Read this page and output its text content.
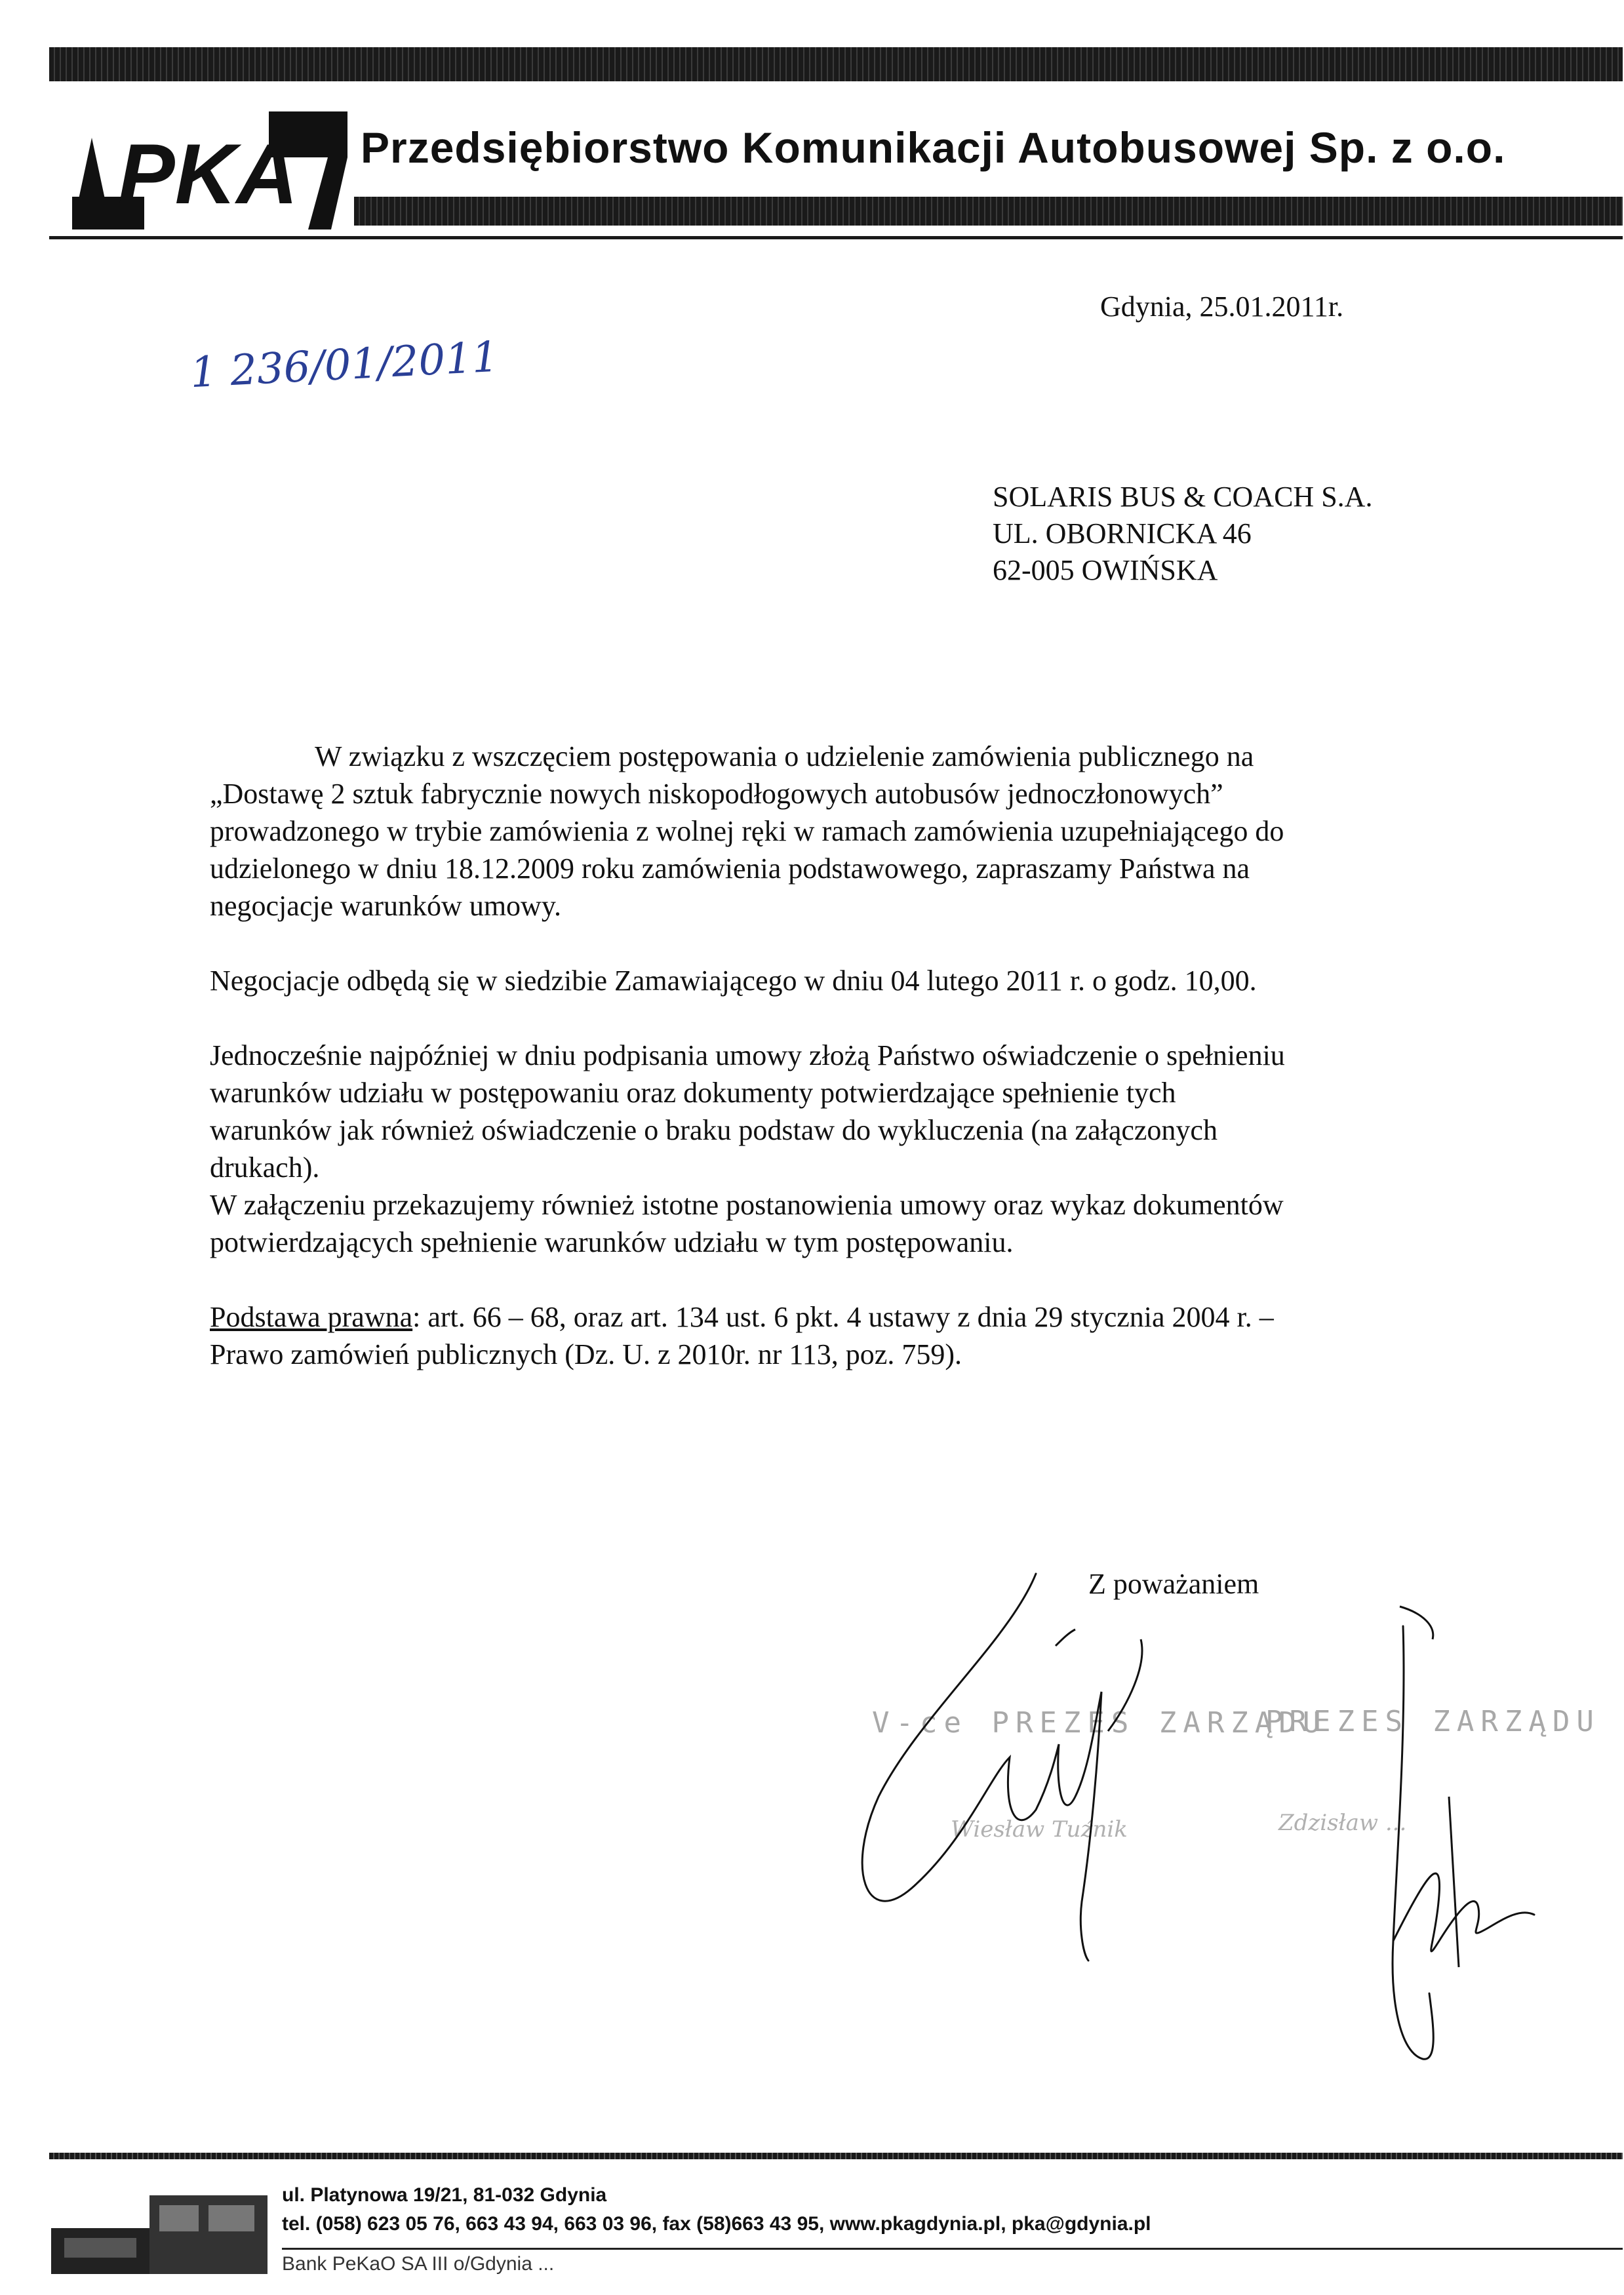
PKA Przedsiębiorstwo Komunikacji Autobusowej Sp. z o.o.
Gdynia, 25.01.2011r.
1 236/01/2011
SOLARIS BUS & COACH S.A.
UL. OBORNICKA 46
62-005 OWIŃSKA
W związku z wszczęciem postępowania o udzielenie zamówienia publicznego na
„Dostawę 2 sztuk fabrycznie nowych niskopodłogowych autobusów jednoczłonowych”
prowadzonego w trybie zamówienia z wolnej ręki w ramach zamówienia uzupełniającego do
udzielonego w dniu 18.12.2009 roku zamówienia podstawowego, zapraszamy Państwa na
negocjacje warunków umowy.
Negocjacje odbędą się w siedzibie Zamawiającego w dniu 04 lutego 2011 r. o godz. 10,00.
Jednocześnie najpóźniej w dniu podpisania umowy złożą Państwo oświadczenie o spełnieniu
warunków udziału w postępowaniu oraz dokumenty potwierdzające spełnienie tych
warunków jak również oświadczenie o braku podstaw do wykluczenia (na załączonych
drukach).
W załączeniu przekazujemy również istotne postanowienia umowy oraz wykaz dokumentów
potwierdzających spełnienie warunków udziału w tym postępowaniu.
Podstawa prawna: art. 66 – 68, oraz art. 134 ust. 6 pkt. 4 ustawy z dnia 29 stycznia 2004 r. –
Prawo zamówień publicznych (Dz. U. z 2010r. nr 113, poz. 759).
Z poważaniem
V-ce PREZES ZARZĄDU
Wiesław Tuźnik
PREZES ZARZĄDU
Zdzisław ...
ul. Platynowa 19/21, 81-032 Gdynia
tel. (058) 623 05 76, 663 43 94, 663 03 96, fax (58)663 43 95, www.pkagdynia.pl, pka@gdynia.pl
Bank PeKaO SA III o/Gdynia ...
